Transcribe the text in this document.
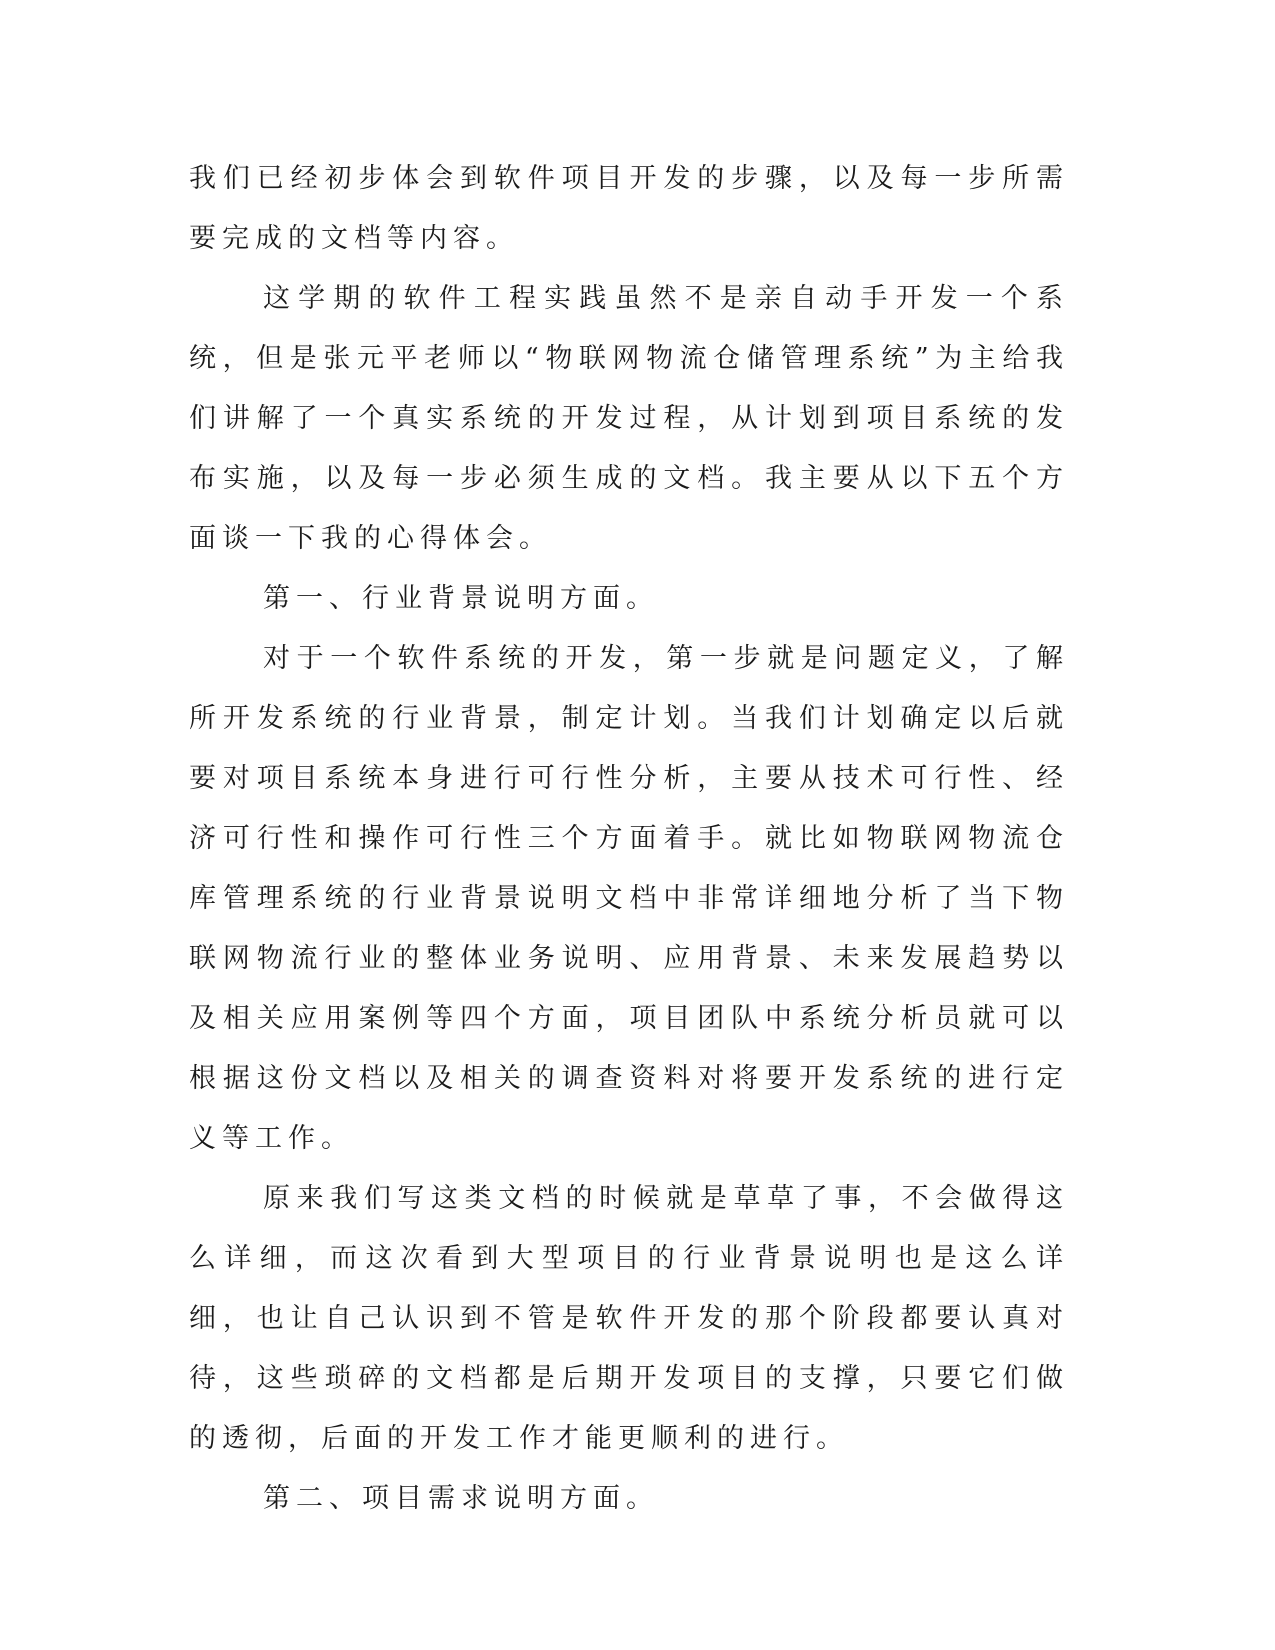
我们已经初步体会到软件项目开发的步骤，以及每一步所需要完成的文档等内容。

这学期的软件工程实践虽然不是亲自动手开发一个系统，但是张元平老师以“物联网物流仓储管理系统”为主给我们讲解了一个真实系统的开发过程，从计划到项目系统的发布实施，以及每一步必须生成的文档。我主要从以下五个方面谈一下我的心得体会。

第一、行业背景说明方面。

对于一个软件系统的开发，第一步就是问题定义，了解所开发系统的行业背景，制定计划。当我们计划确定以后就要对项目系统本身进行可行性分析，主要从技术可行性、经济可行性和操作可行性三个方面着手。就比如物联网物流仓库管理系统的行业背景说明文档中非常详细地分析了当下物联网物流行业的整体业务说明、应用背景、未来发展趋势以及相关应用案例等四个方面，项目团队中系统分析员就可以根据这份文档以及相关的调查资料对将要开发系统的进行定义等工作。

原来我们写这类文档的时候就是草草了事，不会做得这么详细，而这次看到大型项目的行业背景说明也是这么详细，也让自己认识到不管是软件开发的那个阶段都要认真对待，这些琐碎的文档都是后期开发项目的支撑，只要它们做的透彻，后面的开发工作才能更顺利的进行。

第二、项目需求说明方面。
